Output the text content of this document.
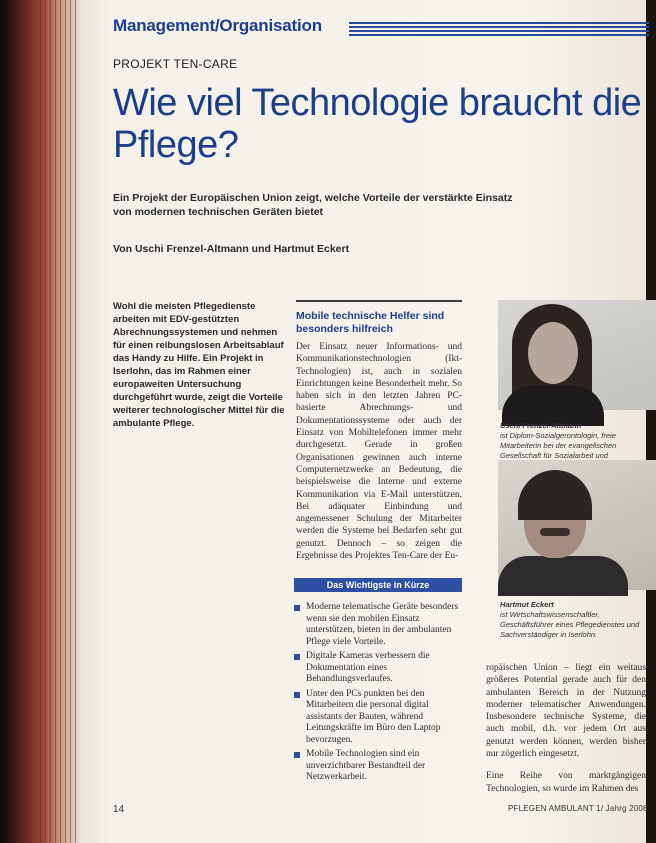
Management/Organisation
PROJEKT TEN-CARE
Wie viel Technologie braucht die Pflege?

Ein Projekt der Europäischen Union zeigt, welche Vorteile der verstärkte Einsatz von modernen technischen Geräten bietet

Von Uschi Frenzel-Altmann und Hartmut Eckert

Wohl die meisten Pflegedienste arbeiten mit EDV-gestützten Abrechnungssystemen und nehmen für einen reibungslosen Arbeitsablauf das Handy zu Hilfe. Ein Projekt in Iserlohn, das im Rahmen einer europaweiten Untersuchung durchgeführt wurde, zeigt die Vorteile weiterer technologischer Mittel für die ambulante Pflege.

Mobile technische Helfer sind besonders hilfreich

Der Einsatz neuer Informations- und Kommunikationstechnologien (Ikt-Technologien) ist, auch in sozialen Einrichtungen keine Besonderheit mehr. So haben sich in den letzten Jahren PC-basierte Abrechnungs- und Dokumentationssysteme oder auch der Einsatz von Mobiltelefonen immer mehr durchgesetzt. Gerade in großen Organisationen gewinnen auch interne Computernetzwerke an Bedeutung, die beispielsweise die Interne und externe Kommunikation via E-Mail unterstützen. Bei adäquater Einbindung und angemessener Schulung der Mitarbeiter werden die Systeme bei Bedarfen sehr gut genutzt. Dennoch – so zeigen die Ergebnisse des Projektes Ten-Care der Eu-

Das Wichtigste in Kürze
Moderne telematische Geräte besonders wenn sie den mobilen Einsatz unterstützen, bieten in der ambulanten Pflege viele Vorteile.
Digitale Kameras verbessern die Dokumentation eines Behandlungsverlaufes.
Unter den PCs punkten bei den Mitarbeitern die personal digital assistants der Bauten, während Leitungskräfte im Büro den Laptop bevorzugen.
Mobile Technologien sind ein unverzichtbarer Bestandteil der Netzwerkarbeit.
Uschi Frenzel-Altmann
ist Diplom-Sozialgerontologin, freie Mitarbeiterin bei der evangelischen Gesellschaft für Sozialarbeit und
Hartmut Eckert
ist Wirtschaftswissenschaftler, Geschäftsführer eines Pflegedienstes und Sachverständiger in Iserlohn.

ropäischen Union – liegt ein weitaus größeres Potential gerade auch für den ambulanten Bereich in der Nutzung moderner telematischer Anwendungen. Insbesondere technische Systeme, die auch mobil, d.h. vor jedem Ort aus genutzt werden können, werden bisher nur zögerlich eingesetzt.

Eine Reihe von marktgängigen Technologien, so wurde im Rahmen des

14	PFLEGEN AMBULANT 1/ Jahrg 2008
